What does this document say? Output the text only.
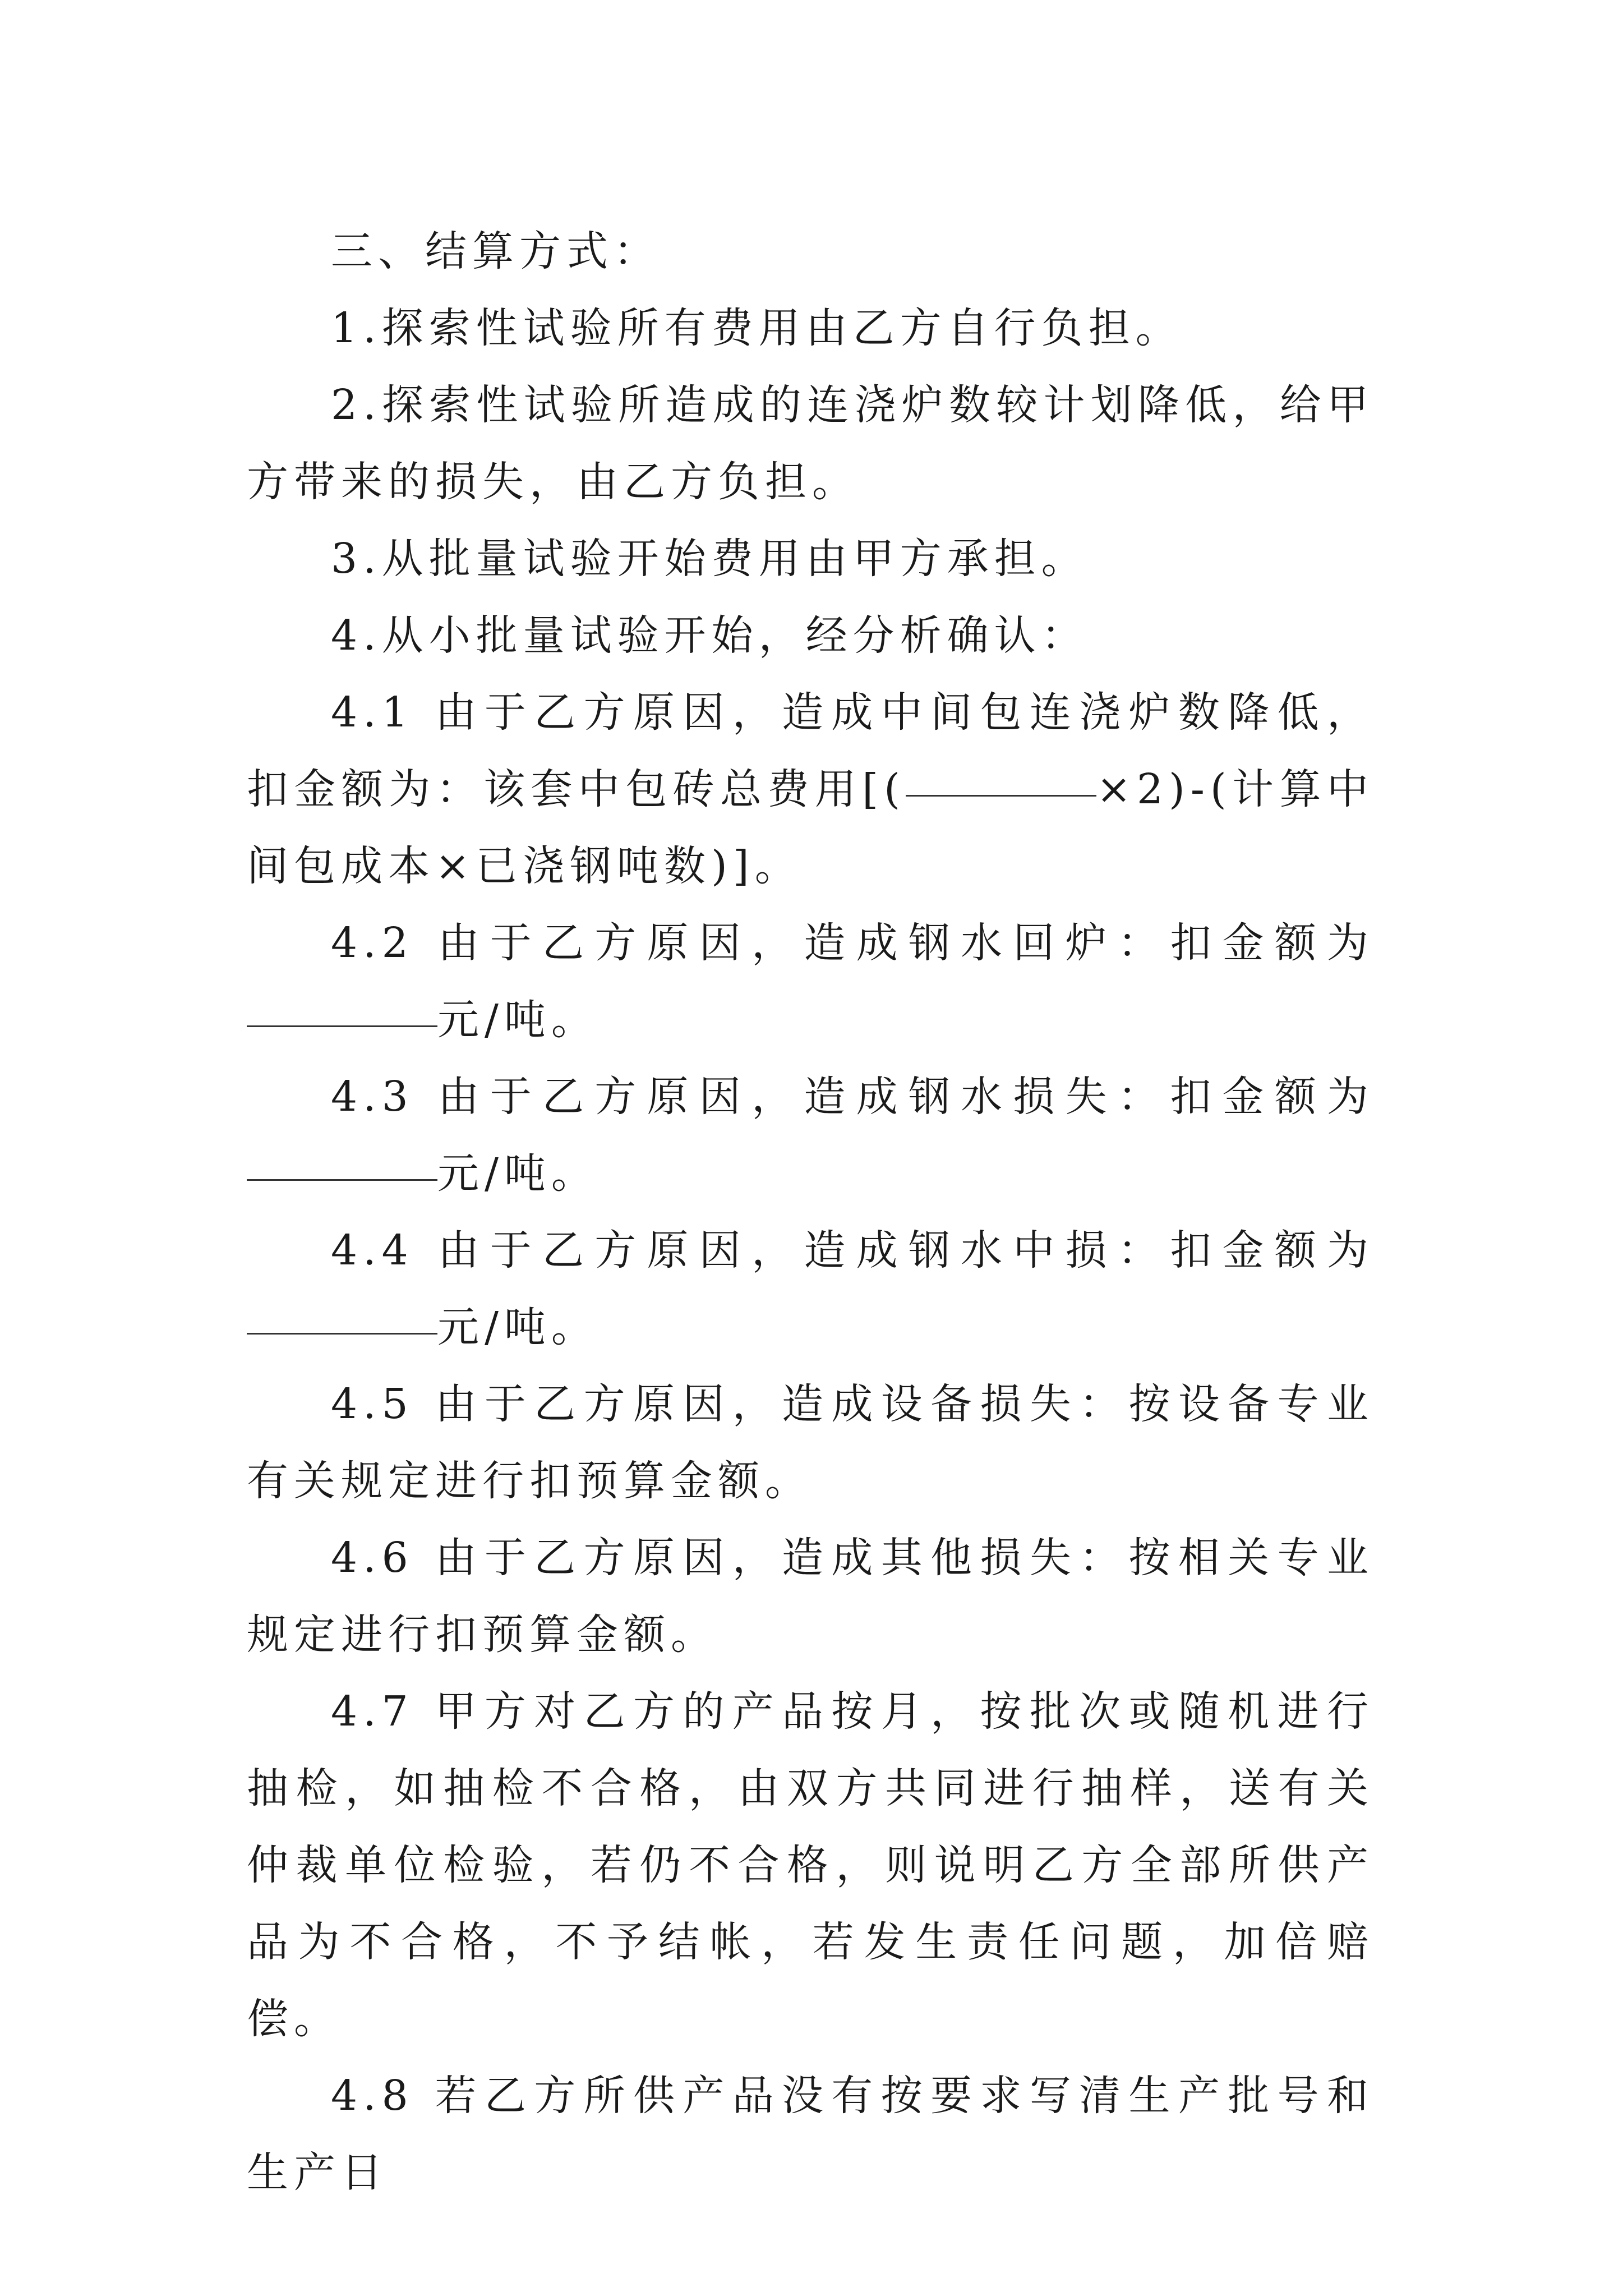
三、结算方式：

1.探索性试验所有费用由乙方自行负担。

2.探索性试验所造成的连浇炉数较计划降低，给甲方带来的损失，由乙方负担。

3.从批量试验开始费用由甲方承担。

4.从小批量试验开始，经分析确认：

4.1 由于乙方原因，造成中间包连浇炉数降低，扣金额为：该套中包砖总费用[(	×2)-(计算中间包成本×已浇钢吨数)]。

4.2 由于乙方原因，造成钢水回炉：扣金额为元/吨。

4.3 由于乙方原因，造成钢水损失：扣金额为元/吨。

4.4 由于乙方原因，造成钢水中损：扣金额为元/吨。

4.5 由于乙方原因，造成设备损失：按设备专业有关规定进行扣预算金额。

4.6 由于乙方原因，造成其他损失：按相关专业规定进行扣预算金额。

4.7 甲方对乙方的产品按月，按批次或随机进行抽检，如抽检不合格，由双方共同进行抽样，送有关仲裁单位检验，若仍不合格，则说明乙方全部所供产品为不合格，不予结帐，若发生责任问题，加倍赔偿。

4.8 若乙方所供产品没有按要求写清生产批号和生产日
